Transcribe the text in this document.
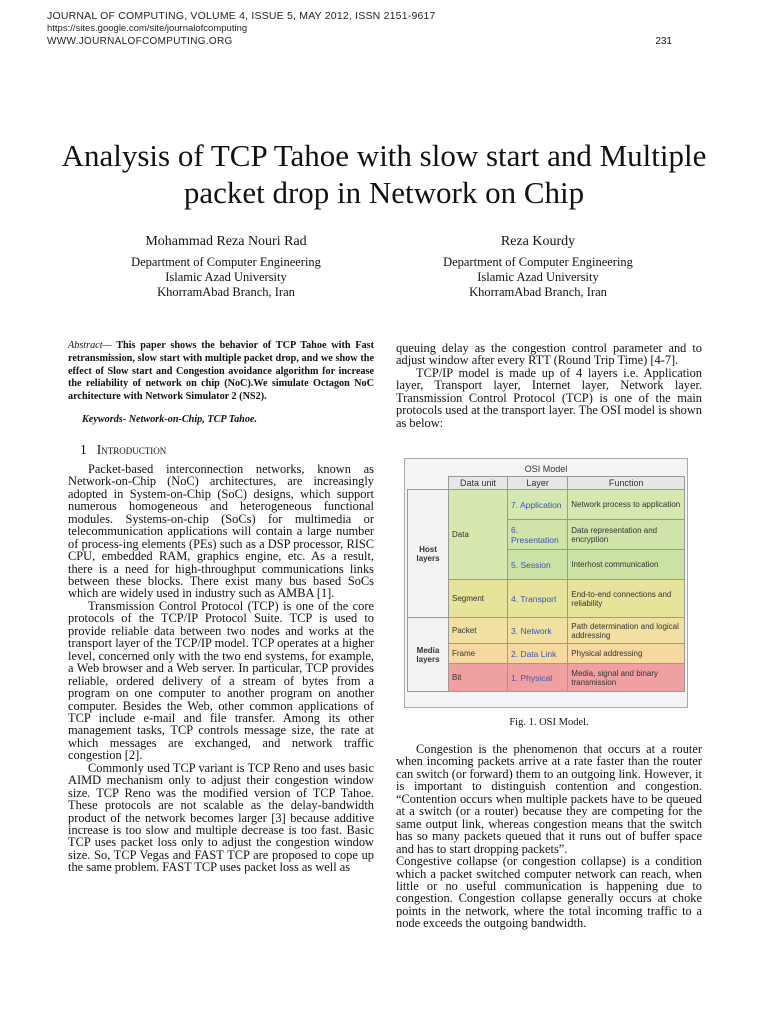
JOURNAL OF COMPUTING, VOLUME 4, ISSUE 5, MAY 2012, ISSN 2151-9617
https://sites.google.com/site/journalofcomputing
WWW.JOURNALOFCOMPUTING.ORG	231
Analysis of TCP Tahoe with slow start and Multiple
packet drop in Network on Chip
Mohammad Reza Nouri Rad
Department of Computer Engineering
Islamic Azad University
KhorramAbad Branch, Iran
Reza Kourdy
Department of Computer Engineering
Islamic Azad University
KhorramAbad Branch, Iran
Abstract— This paper shows the behavior of TCP Tahoe with Fast retransmission, slow start with multiple packet drop, and we show the effect of Slow start and Congestion avoidance algorithm for increase the reliability of network on chip (NoC).We simulate Octagon NoC architecture with Network Simulator 2 (NS2).
Keywords- Network-on-Chip, TCP Tahoe.
1 Introduction

Packet-based interconnection networks, known as Network-on-Chip (NoC) architectures, are increasingly adopted in System-on-Chip (SoC) designs, which support numerous homogeneous and heterogeneous functional modules. Systems-on-chip (SoCs) for multimedia or telecommunication applications will contain a large number of process-ing elements (PEs) such as a DSP processor, RISC CPU, embedded RAM, graphics engine, etc. As a result, there is a need for high-throughput communications links between these blocks. There exist many bus based SoCs which are widely used in industry such as AMBA [1].

Transmission Control Protocol (TCP) is one of the core protocols of the TCP/IP Protocol Suite. TCP is used to provide reliable data between two nodes and works at the transport layer of the TCP/IP model. TCP operates at a higher level, concerned only with the two end systems, for example, a Web browser and a Web server. In particular, TCP provides reliable, ordered delivery of a stream of bytes from a program on one computer to another program on another computer. Besides the Web, other common applications of TCP include e-mail and file transfer. Among its other management tasks, TCP controls message size, the rate at which messages are exchanged, and network traffic congestion [2].

Commonly used TCP variant is TCP Reno and uses basic AIMD mechanism only to adjust their congestion window size. TCP Reno was the modified version of TCP Tahoe. These protocols are not scalable as the delay-bandwidth product of the network becomes larger [3] because additive increase is too slow and multiple decrease is too fast. Basic TCP uses packet loss only to adjust the congestion window size. So, TCP Vegas and FAST TCP are proposed to cope up the same problem. FAST TCP uses packet loss as well as

queuing delay as the congestion control parameter and to adjust window after every RTT (Round Trip Time) [4-7].

TCP/IP model is made up of 4 layers i.e. Application layer, Transport layer, Internet layer, Network layer. Transmission Control Protocol (TCP) is one of the main protocols used at the transport layer. The OSI model is shown as below:

OSI Model			
	Data unit	Layer	Function
Host layers	Data	7. Application	Network process to application
		6. Presentation	Data representation and encryption
		5. Session	Interhost communication
	Segment	4. Transport	End-to-end connections and reliability
Media layers	Packet	3. Network	Path determination and logical addressing
	Frame	2. Data Link	Physical addressing
	Bit	1. Physical	Media, signal and binary transmission
Fig. 1. OSI Model.

Congestion is the phenomenon that occurs at a router when incoming packets arrive at a rate faster than the router can switch (or forward) them to an outgoing link. However, it is important to distinguish contention and congestion. “Contention occurs when multiple packets have to be queued at a switch (or a router) because they are competing for the same output link, whereas congestion means that the switch has so many packets queued that it runs out of buffer space and has to start dropping packets”.

Congestive collapse (or congestion collapse) is a condition which a packet switched computer network can reach, when little or no useful communication is happening due to congestion. Congestion collapse generally occurs at choke points in the network, where the total incoming traffic to a node exceeds the outgoing bandwidth.
